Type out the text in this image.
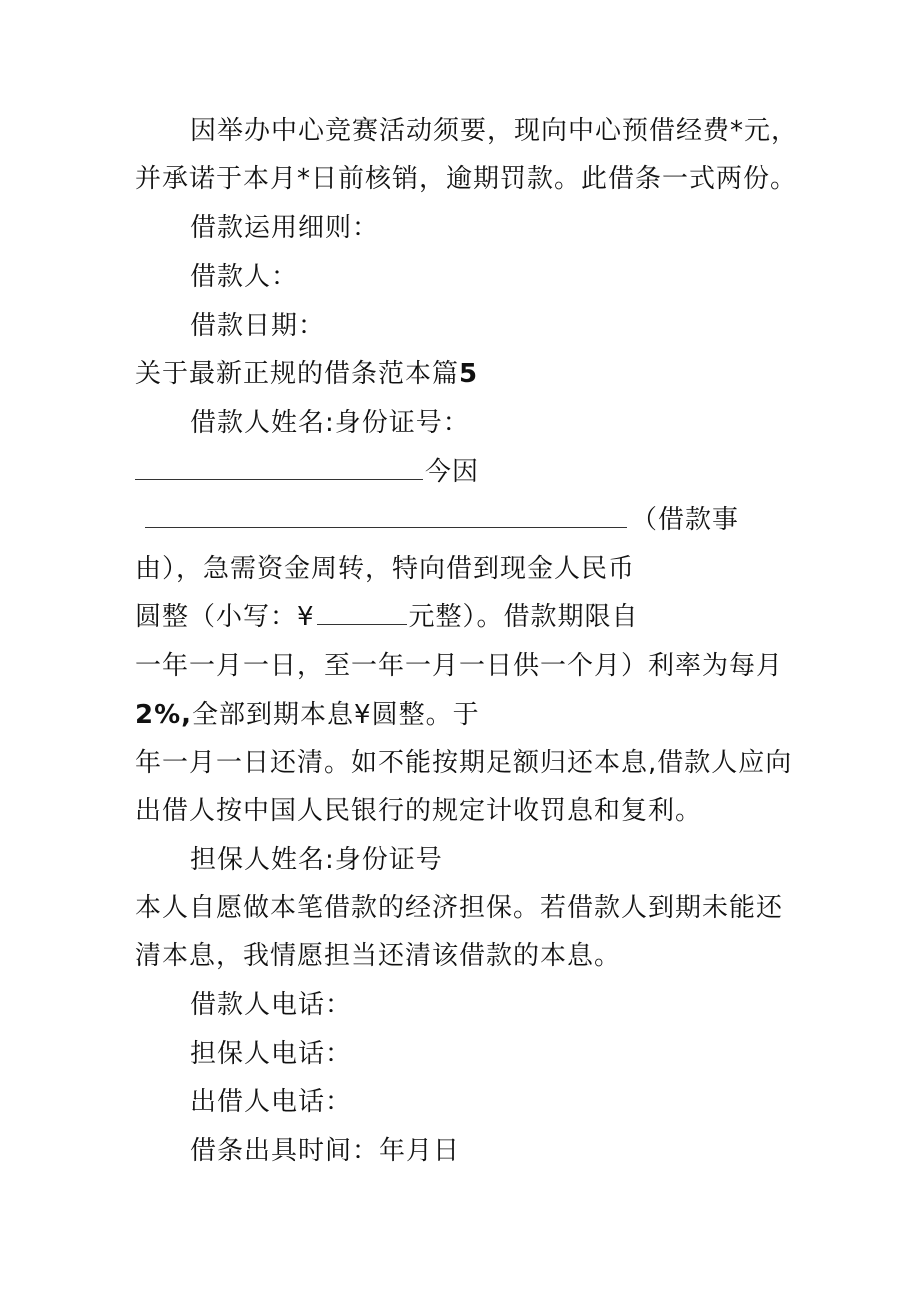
因举办中心竞赛活动须要，现向中心预借经费*元，
并承诺于本月*日前核销，逾期罚款。此借条一式两份。
借款运用细则：
借款人：
借款日期：
关于最新正规的借条范本篇5
借款人姓名:身份证号：
今因
（借款事
由），急需资金周转，特向借到现金人民币
圆整（小写：¥	元整）。借款期限自
一年一月一日，至一年一月一日供一个月）利率为每月
2%,全部到期本息¥圆整。于
年一月一日还清。如不能按期足额归还本息,借款人应向
出借人按中国人民银行的规定计收罚息和复利。
担保人姓名:身份证号
本人自愿做本笔借款的经济担保。若借款人到期未能还
清本息，我情愿担当还清该借款的本息。
借款人电话：
担保人电话：
出借人电话：
借条出具时间：年月日
